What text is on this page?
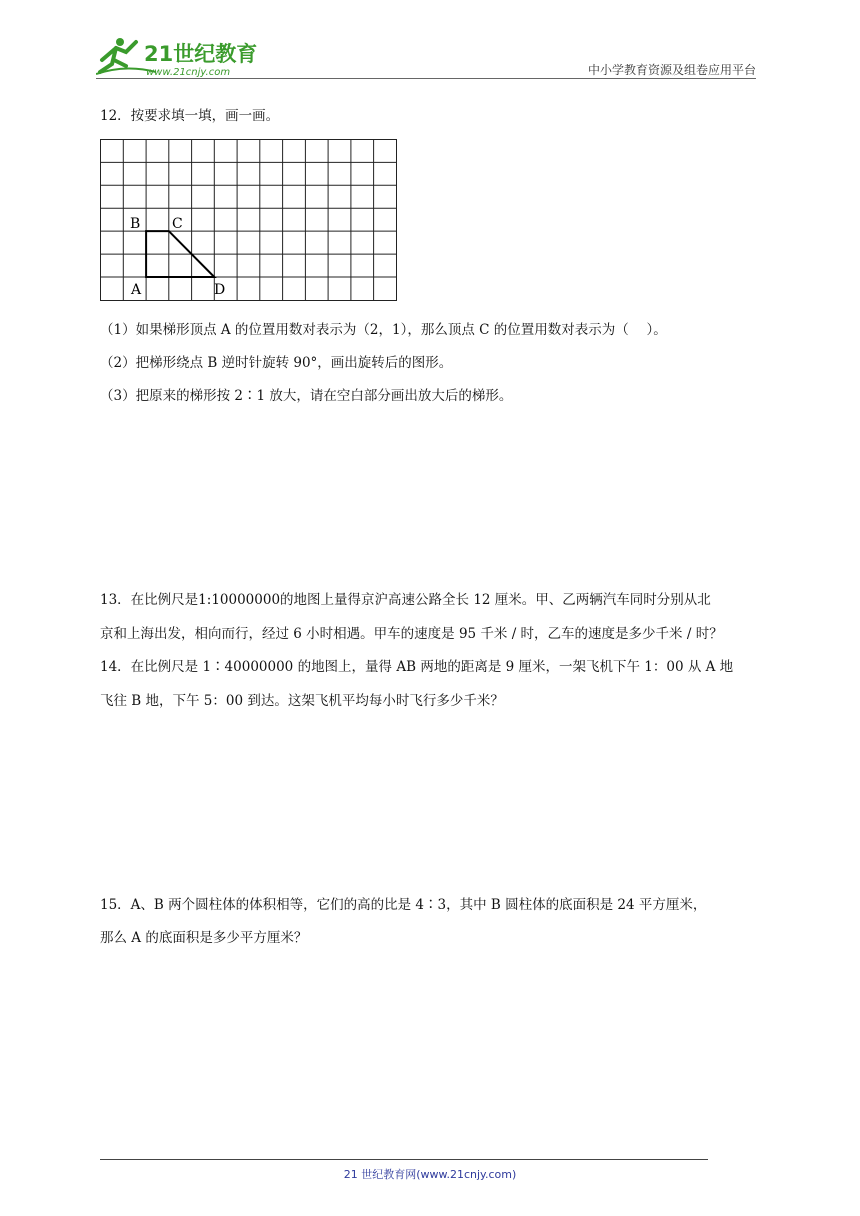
21世纪教育
www.21cnjy.com	中小学教育资源及组卷应用平台
12．按要求填一填，画一画。
B C
A	D
（1）如果梯形顶点 A 的位置用数对表示为（2，1），那么顶点 C 的位置用数对表示为（　 ）。
（2）把梯形绕点 B 逆时针旋转 90°，画出旋转后的图形。
（3）把原来的梯形按 2∶1 放大，请在空白部分画出放大后的梯形。
13．在比例尺是1:10000000的地图上量得京沪高速公路全长 12 厘米。甲、乙两辆汽车同时分别从北
京和上海出发，相向而行，经过 6 小时相遇。甲车的速度是 95 千米 / 时，乙车的速度是多少千米 / 时？
14．在比例尺是 1∶40000000 的地图上，量得 AB 两地的距离是 9 厘米，一架飞机下午 1：00 从 A 地
飞往 B 地，下午 5：00 到达。这架飞机平均每小时飞行多少千米？
15．A、B 两个圆柱体的体积相等，它们的高的比是 4∶3，其中 B 圆柱体的底面积是 24 平方厘米，
那么 A 的底面积是多少平方厘米？
21 世纪教育网(www.21cnjy.com)
